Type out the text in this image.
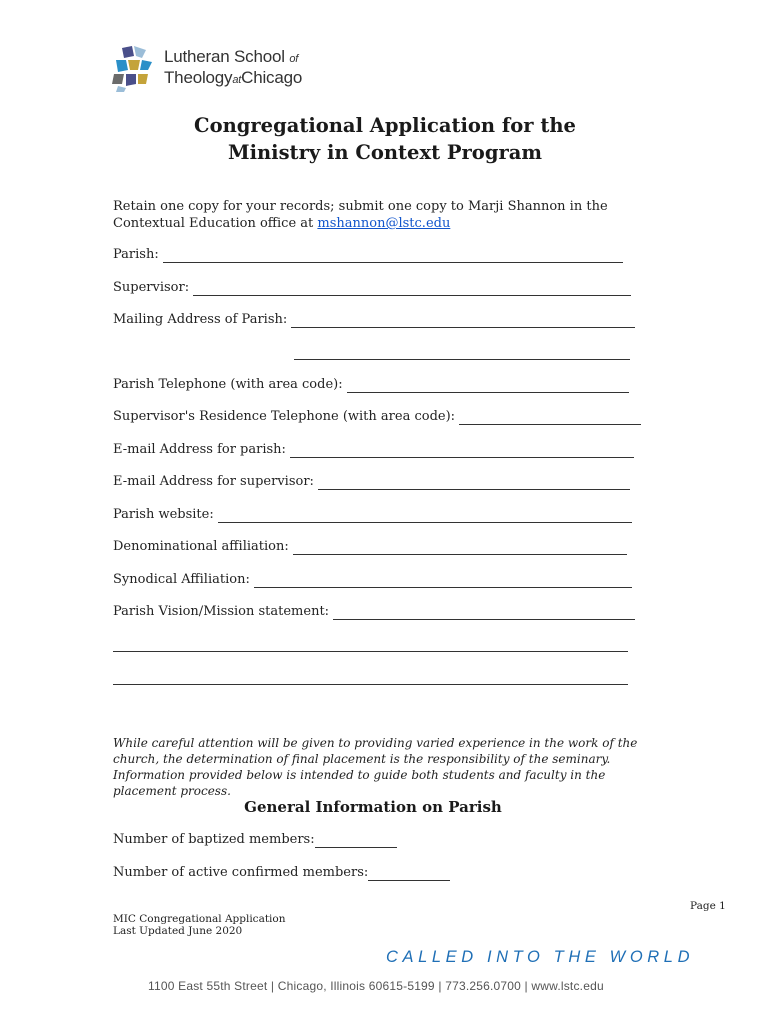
Lutheran School of
TheologyatChicago
Congregational Application for the
Ministry in Context Program
Retain one copy for your records; submit one copy to Marji Shannon in the Contextual Education office at mshannon@lstc.edu
Parish:
Supervisor:
Mailing Address of Parish:
Parish Telephone (with area code):
Supervisor's Residence Telephone (with area code):
E-mail Address for parish:
E-mail Address for supervisor:
Parish website:
Denominational affiliation:
Synodical Affiliation:
Parish Vision/Mission statement:
While careful attention will be given to providing varied experience in the work of the church, the determination of final placement is the responsibility of the seminary. Information provided below is intended to guide both students and faculty in the placement process.
General Information on Parish
Number of baptized members:
Number of active confirmed members:
Page 1
MIC Congregational Application
Last Updated June 2020
CALLED INTO THE WORLD
1100 East 55th Street | Chicago, Illinois 60615-5199 | 773.256.0700 | www.lstc.edu
